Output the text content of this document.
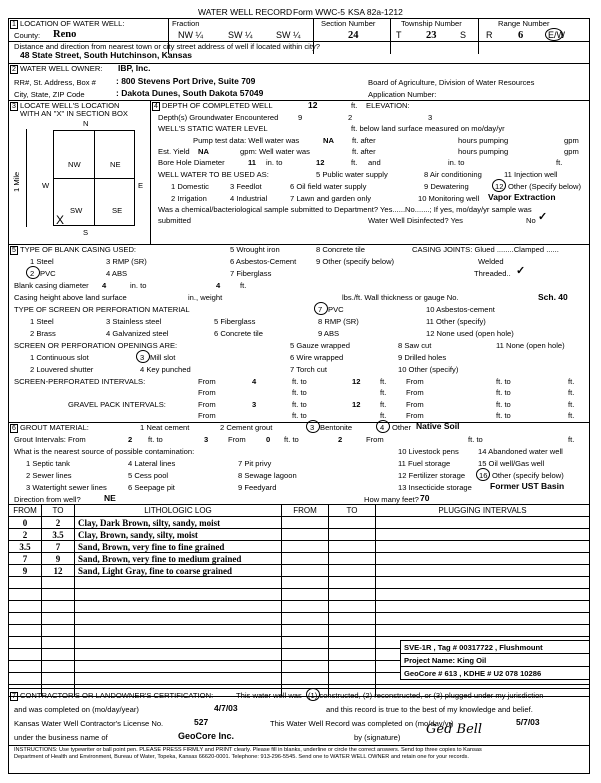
WATER WELL RECORD Form WWC-5 KSA 82a-1212
1 LOCATION OF WATER WELL:	Fraction	Section Number	Township Number	Range Number
County: Reno	NW ¼	SW ¼	SW ¼	24	T 23	S R 6	E/W
Distance and direction from nearest town or city street address of well if located within city?
48 State Street, South Hutchinson, Kansas
2 WATER WELL OWNER: IBP, Inc.
RR#, St. Address, Box # : 800 Stevens Port Drive, Suite 709
City, State, ZIP Code	: Dakota Dunes, South Dakota 57049
Board of Agriculture, Division of Water Resources
Application Number:
3 LOCATE WELL'S LOCATION
WITH AN "X" IN SECTION BOX
N
S
W	E
1 Mile
NW	NE
SW	SE
X
4 DEPTH OF COMPLETED WELL	12	ft. ELEVATION:
Depth(s) Groundwater Encountered	9	2	3
WELL'S STATIC WATER LEVEL	ft. below land surface measured on mo/day/yr
Pump test data: Well water was	NA ft. after	hours pumping	gpm
Est. Yield NA	gpm: Well water was	ft. after	hours pumping	gpm
Bore Hole Diameter	11 in. to	12	ft. and	in. to	ft.
WELL WATER TO BE USED AS:	5 Public water supply	8 Air conditioning	11 Injection well
1 Domestic	3 Feedlot	6 Oil field water supply	9 Dewatering	12 Other (Specify below)
2 Irrigation	4 Industrial	7 Lawn and garden only	10 Monitoring well Vapor Extraction
Was a chemical/bacteriological sample submitted to Department? Yes......No.......; If yes, mo/day/yr sample was
submitted	Water Well Disinfected? Yes	No ✓
5 TYPE OF BLANK CASING USED:	5 Wrought iron	8 Concrete tile	CASING JOINTS: Glued ........Clamped ......
1 Steel	3 RMP (SR)	6 Asbestos-Cement	9 Other (specify below)	Welded
2 PVC	4 ABS	7 Fiberglass	Threaded.. ✓
Blank casing diameter 4	in. to	4	ft.
Casing height above land surface	in., weight	lbs./ft. Wall thickness or gauge No.	Sch. 40
TYPE OF SCREEN OR PERFORATION MATERIAL	7 PVC	10 Asbestos-cement
1 Steel	3 Stainless steel	5 Fiberglass	8 RMP (SR)	11 Other (specify)
2 Brass	4 Galvanized steel	6 Concrete tile	9 ABS	12 None used (open hole)
SCREEN OR PERFORATION OPENINGS ARE:	5 Gauze wrapped	8 Saw cut	11 None (open hole)
1 Continuous slot	3 Mill slot	6 Wire wrapped	9 Drilled holes
2 Louvered shutter	4 Key punched	7 Torch cut	10 Other (specify)
SCREEN-PERFORATED INTERVALS:	From	4	ft. to	12	ft.	From	ft. to	ft.
From	ft. to	ft.	From	ft. to	ft.
GRAVEL PACK INTERVALS:	From	3	ft. to	12	ft.	From	ft. to	ft.
From	ft. to	ft.	From	ft. to	ft.
6 GROUT MATERIAL:	1 Neat cement	2 Cement grout	3 Bentonite	4 Other Native Soil
Grout Intervals: From	2 ft. to	3	From	0 ft. to	2	From	ft. to	ft.
What is the nearest source of possible contamination:	10 Livestock pens	14 Abandoned water well
1 Septic tank	4 Lateral lines	7 Pit privy	11 Fuel storage	15 Oil well/Gas well
2 Sewer lines	5 Cess pool	8 Sewage lagoon	12 Fertilizer storage 16 Other (specify below)
3 Watertight sewer lines	6 Seepage pit	9 Feedyard	13 Insecticide storage Former UST Basin
Direction from well?	NE	How many feet? 70
FROM	TO	LITHOLOGIC LOG	FROM	TO	PLUGGING INTERVALS
0	2	Clay, Dark Brown, silty, sandy, moist			
2	3.5	Clay, Brown, sandy, silty, moist			
3.5	7	Sand, Brown, very fine to fine grained			
7	9	Sand, Brown, very fine to medium grained			
9	12	Sand, Light Gray, fine to coarse grained			

SVE-1R , Tag # 00317722 , Flushmount
Project Name: King Oil
GeoCore # 613 , KDHE # U2 078 10286
7 CONTRACTOR'S OR LANDOWNER'S CERTIFICATION:	This water well was (1) constructed, (2) reconstructed, or (3) plugged under my jurisdiction
and was completed on (mo/day/year)	4/7/03	and this record is true to the best of my knowledge and belief.
Kansas Water Well Contractor's License No.	527	This Water Well Record was completed on (mo/day/yr)	5/7/03
under the business name of	GeoCore Inc.	by (signature)
Ged Bell
INSTRUCTIONS: Use typewriter or ball point pen. PLEASE PRESS FIRMLY and PRINT clearly. Please fill in blanks, underline or circle the correct answers. Send top three copies to Kansas
Department of Health and Environment, Bureau of Water, Topeka, Kansas 66620-0001. Telephone: 913-296-5545. Send one to WATER WELL OWNER and retain one for your records.
